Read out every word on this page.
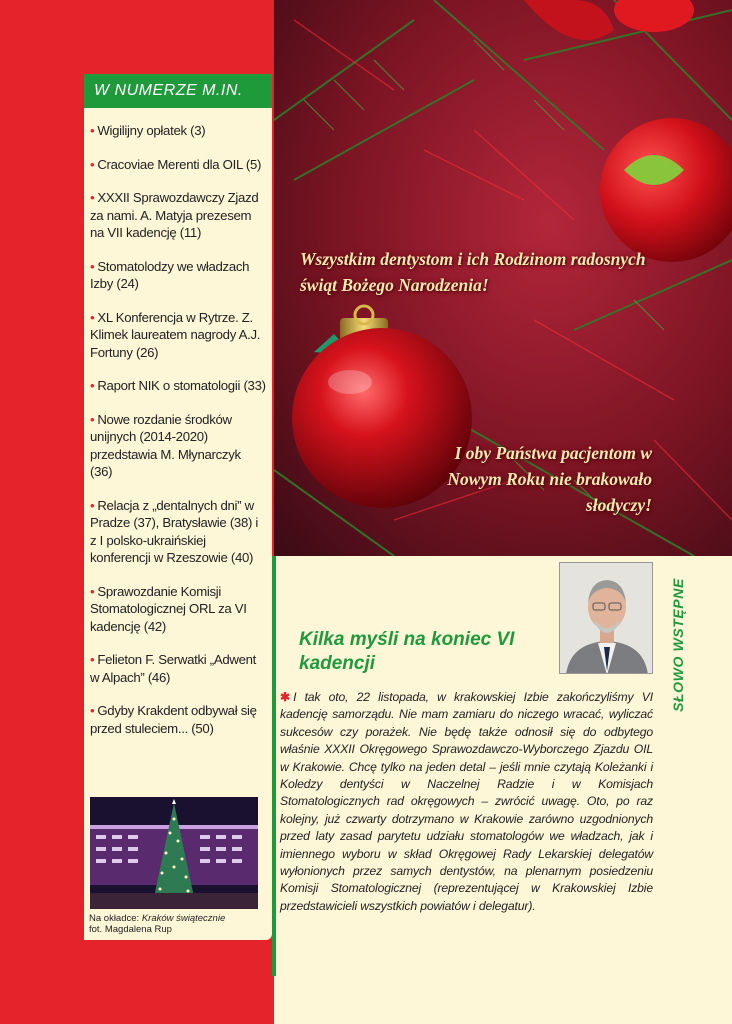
W NUMERZE M.IN.
• Wigilijny opłatek (3)
• Cracoviae Merenti dla OIL (5)
• XXXII Sprawozdawczy Zjazd za nami. A. Matyja prezesem na VII kadencję (11)
• Stomatolodzy we władzach Izby (24)
• XL Konferencja w Rytrze. Z. Klimek laureatem nagrody A.J. Fortuny (26)
• Raport NIK o stomatologii (33)
• Nowe rozdanie środków unijnych (2014-2020) przedstawia M. Młynarczyk (36)
• Relacja z „dentalnych dni” w Pradze (37), Bratysławie (38) i z I polsko-ukraińskiej konferencji w Rzeszowie (40)
• Sprawozdanie Komisji Stomatologicznej ORL za VI kadencję (42)
• Felieton F. Serwatki „Adwent w Alpach” (46)
• Gdyby Krakdent odbywał się przed stuleciem... (50)
Na okładce: Kraków świątecznie
fot. Magdalena Rup
Wszystkim dentystom i ich Rodzinom radosnych świąt Bożego Narodzenia!
I oby Państwa pacjentom w Nowym Roku nie brakowało słodyczy!
SŁOWO WSTĘPNE
Kilka myśli na koniec VI kadencji
✱ I tak oto, 22 listopada, w krakowskiej Izbie zakończyliśmy VI kadencję samorządu. Nie mam zamiaru do niczego wracać, wyliczać sukcesów czy porażek. Nie będę także odnosił się do odbytego właśnie XXXII Okręgowego Sprawozdawczo-Wyborczego Zjazdu OIL w Krakowie. Chcę tylko na jeden detal – jeśli mnie czytają Koleżanki i Koledzy dentyści w Naczelnej Radzie i w Komisjach Stomatologicznych rad okręgowych – zwrócić uwagę. Oto, po raz kolejny, już czwarty dotrzymano w Krakowie zarówno uzgodnionych przed laty zasad parytetu udziału stomatologów we władzach, jak i imiennego wyboru w skład Okręgowej Rady Lekarskiej delegatów wyłonionych przez samych dentystów, na plenarnym posiedzeniu Komisji Stomatologicznej (reprezentującej w Krakowskiej Izbie przedstawicieli wszystkich powiatów i delegatur).
